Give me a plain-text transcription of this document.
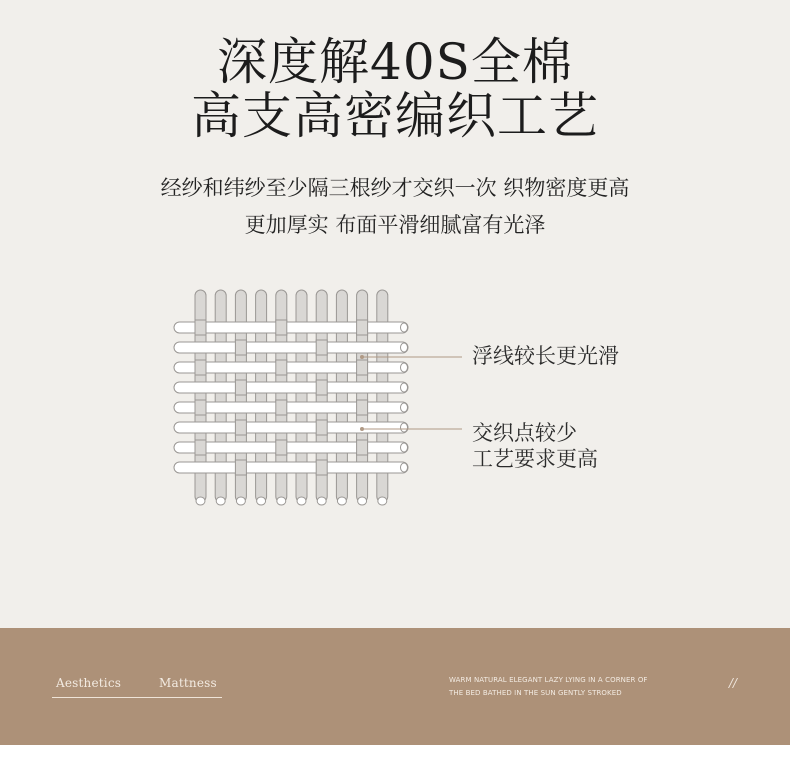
深度解40S全棉
高支高密编织工艺
经纱和纬纱至少隔三根纱才交织一次 织物密度更高
更加厚实 布面平滑细腻富有光泽
浮线较长更光滑
交织点较少
工艺要求更高
Aesthetics	Mattness	WARM NATURAL ELEGANT LAZY LYING IN A CORNER OF
THE BED BATHED IN THE SUN GENTLY STROKED
//
